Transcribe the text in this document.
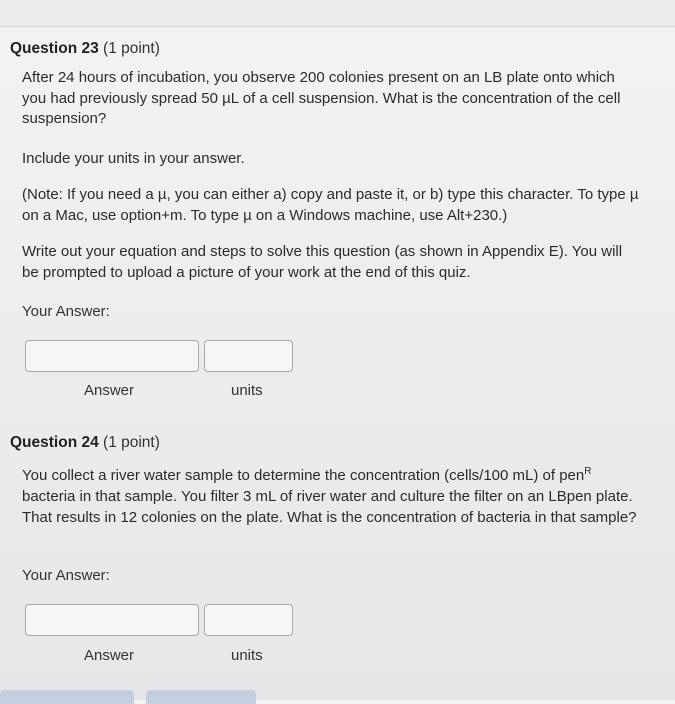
Question 23 (1 point)

After 24 hours of incubation, you observe 200 colonies present on an LB plate onto which you had previously spread 50 µL of a cell suspension. What is the concentration of the cell suspension?

Include your units in your answer.

(Note: If you need a µ, you can either a) copy and paste it, or b) type this character. To type µ on a Mac, use option+m. To type µ on a Windows machine, use Alt+230.)

Write out your equation and steps to solve this question (as shown in Appendix E). You will be prompted to upload a picture of your work at the end of this quiz.

Your Answer:
Answer	units
Question 24 (1 point)

You collect a river water sample to determine the concentration (cells/100 mL) of pen$^R$ bacteria in that sample. You filter 3 mL of river water and culture the filter on an LBpen plate. That results in 12 colonies on the plate. What is the concentration of bacteria in that sample?

Your Answer:
Answer	units
